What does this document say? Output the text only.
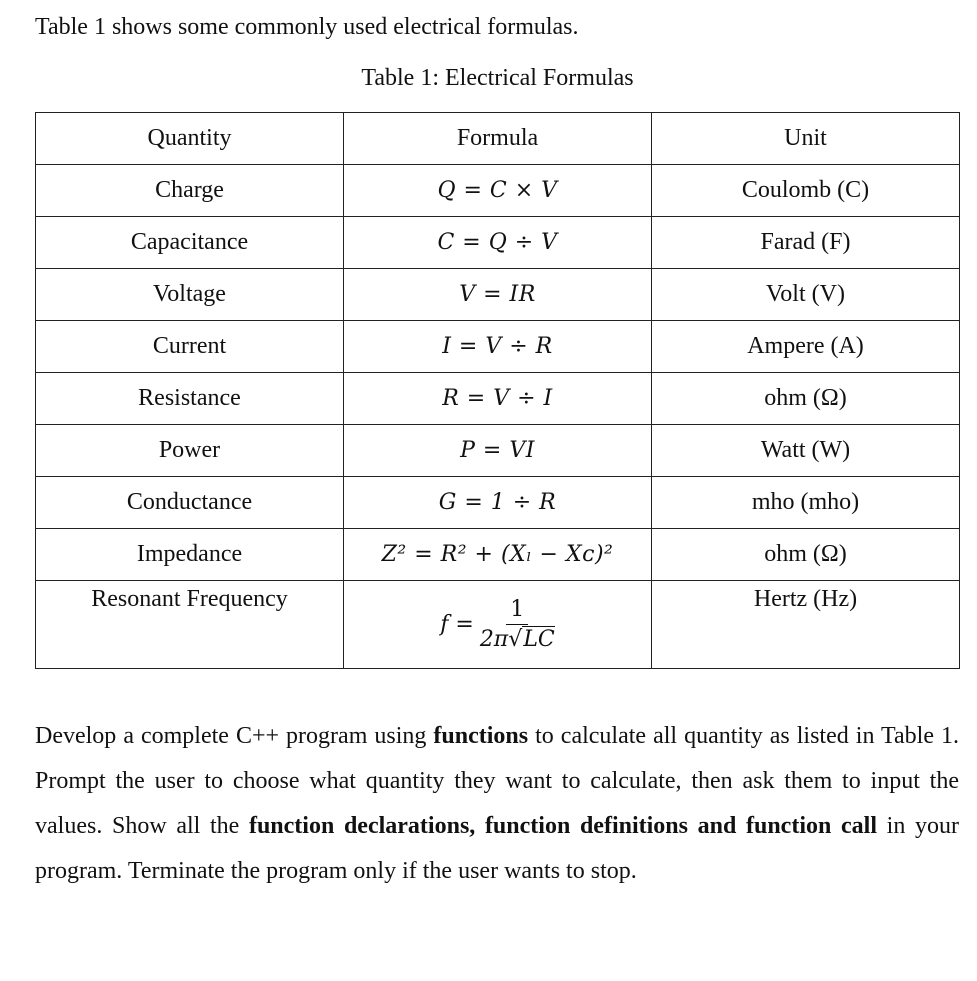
Table 1 shows some commonly used electrical formulas.

Table 1: Electrical Formulas

Quantity	Formula	Unit
Charge	Q = C × V	Coulomb (C)
Capacitance	C = Q ÷ V	Farad (F)
Voltage	V = IR	Volt (V)
Current	I = V ÷ R	Ampere (A)
Resistance	R = V ÷ I	ohm (Ω)
Power	P = VI	Watt (W)
Conductance	G = 1 ÷ R	mho (mho)
Impedance	Z² = R² + (Xₗ − Xᴄ)²	ohm (Ω)
Resonant Frequency	$f = \frac{1}{2\pi√LC}$	Hertz (Hz)

Develop a complete C++ program using functions to calculate all quantity as listed in Table 1. Prompt the user to choose what quantity they want to calculate, then ask them to input the values. Show all the function declarations, function definitions and function call in your program. Terminate the program only if the user wants to stop.
